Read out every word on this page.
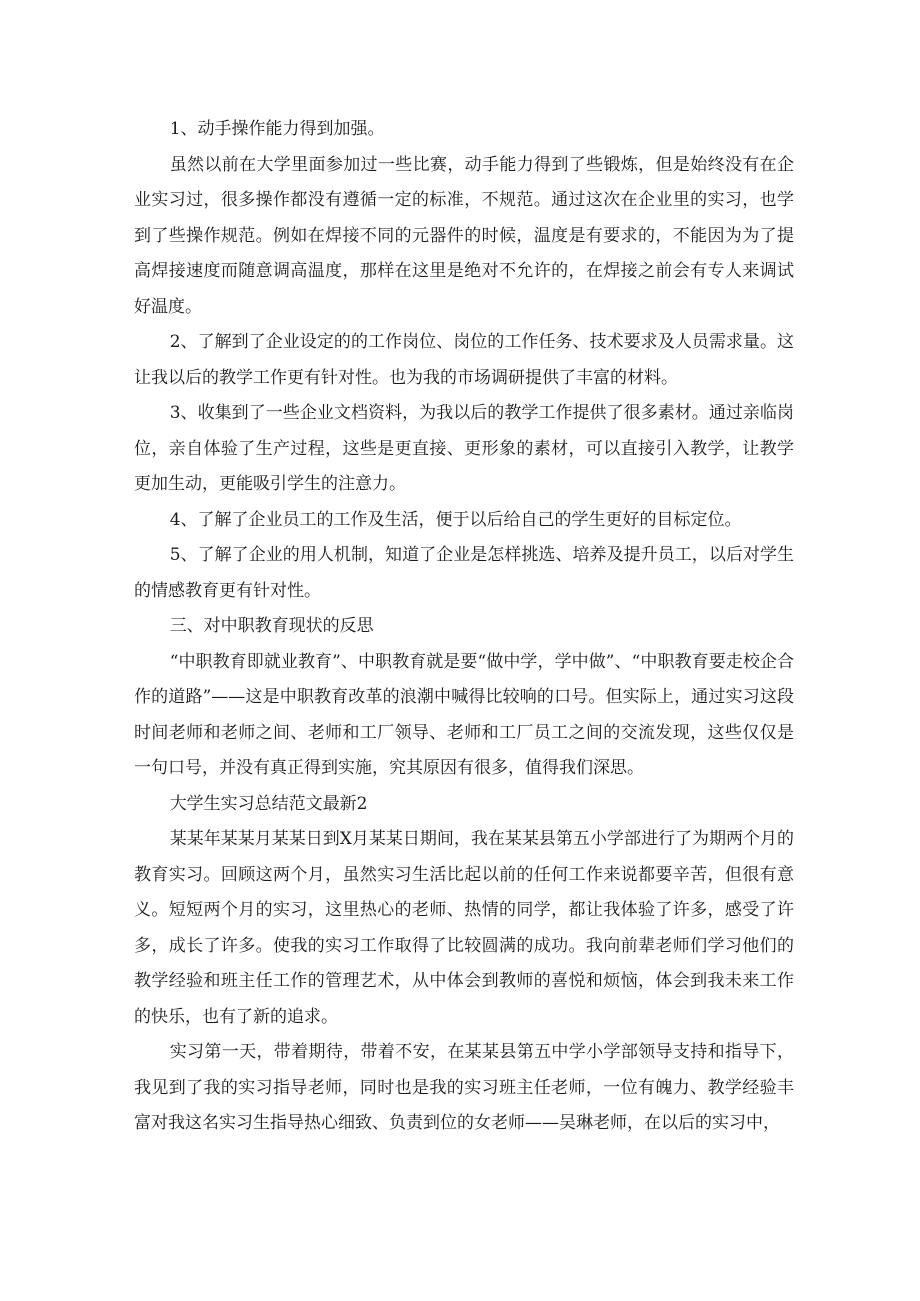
1、动手操作能力得到加强。

虽然以前在大学里面参加过一些比赛，动手能力得到了些锻炼，但是始终没有在企业实习过，很多操作都没有遵循一定的标准，不规范。通过这次在企业里的实习，也学到了些操作规范。例如在焊接不同的元器件的时候，温度是有要求的，不能因为为了提高焊接速度而随意调高温度，那样在这里是绝对不允许的，在焊接之前会有专人来调试好温度。

2、了解到了企业设定的的工作岗位、岗位的工作任务、技术要求及人员需求量。这让我以后的教学工作更有针对性。也为我的市场调研提供了丰富的材料。

3、收集到了一些企业文档资料，为我以后的教学工作提供了很多素材。通过亲临岗位，亲自体验了生产过程，这些是更直接、更形象的素材，可以直接引入教学，让教学更加生动，更能吸引学生的注意力。

4、了解了企业员工的工作及生活，便于以后给自己的学生更好的目标定位。

5、了解了企业的用人机制，知道了企业是怎样挑选、培养及提升员工，以后对学生的情感教育更有针对性。

三、对中职教育现状的反思

“中职教育即就业教育”、中职教育就是要“做中学，学中做”、“中职教育要走校企合作的道路”——这是中职教育改革的浪潮中喊得比较响的口号。但实际上，通过实习这段时间老师和老师之间、老师和工厂领导、老师和工厂员工之间的交流发现，这些仅仅是一句口号，并没有真正得到实施，究其原因有很多，值得我们深思。

大学生实习总结范文最新2

某某年某某月某某日到X月某某日期间，我在某某县第五小学部进行了为期两个月的教育实习。回顾这两个月，虽然实习生活比起以前的任何工作来说都要辛苦，但很有意义。短短两个月的实习，这里热心的老师、热情的同学，都让我体验了许多，感受了许多，成长了许多。使我的实习工作取得了比较圆满的成功。我向前辈老师们学习他们的教学经验和班主任工作的管理艺术，从中体会到教师的喜悦和烦恼，体会到我未来工作的快乐，也有了新的追求。

实习第一天，带着期待，带着不安，在某某县第五中学小学部领导支持和指导下，我见到了我的实习指导老师，同时也是我的实习班主任老师，一位有魄力、教学经验丰富对我这名实习生指导热心细致、负责到位的女老师——吴琳老师，在以后的实习中，
